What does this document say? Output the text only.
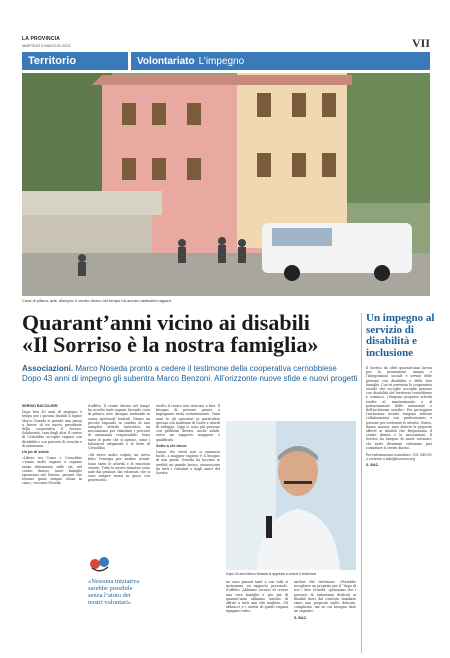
LA PROVINCIA
MARTEDÌ 3 MAGGIO 2021	VII
Territorio	Volontariato L’impegno
Corsi di pittura, arte, disegno: il centro diurno nel tempo ha accolto tantissimi ragazzi
Quarant’anni vicino ai disabili
«Il Sorriso è la nostra famiglia»
Un impegno al servizio di disabilità e inclusione
Associazioni. Marco Noseda pronto a cedere il testimone della cooperativa cernobbiese Dopo 43 anni di impegno gli subentra Marco Benzoni. All’orizzonte nuove sfide e nuovi progetti
SERGIO BACCILIERI
Dopo ben 43 anni di impegno e tempo per i giovani disabili il signor Marco Noseda si prende una pausa a favore di un nuovo presidente della cooperativa Il Sorriso. Solidarietà, cura degli altri, il centro di Cernobbio accoglie ragazzi con disabilità e con percorsi di crescita e di autonomia.
Un pò di storia
«Libero tra Como e Cernobbio c’erano molti ragazzi e ragazze senza riferimento nelle vie, nel centro diurno, tante famiglie speravano nel Sorriso, giovani che restano quasi sempre chiusi in casa», racconta Noseda.
d’affitto. Il centro diurno nel tempo ha accolto tanti ragazzi, facendo corsi di pittura, arte, disegno, mettendo in scena spettacoli teatrali. Diamo un piccolo rispondo in cambio di una semplice attività lavorativa, un meccanismo per stimolare i percorsi di autonomia responsabile. Sono tante le porte che si aprono, come i laboratori artigianali e le feste di Cernobbio.
«Mi avevo molto colpito, mi aveva fatto l’energia per andare avanti. Sono tante le attività e le emozioni vissute. Tutte le nostre iniziative sono nate dai genitori, dai volontari, che si sono sempre messi in gioco con generosità».
«Nessuna iniziativa sarebbe possibile senza l’aiuto dei nostri volontari»
rivolto il centro non riescono a fare. Il bisogno di persone pronte a impegnarsi resta costantemente. Tanti anni fa gli operatori in particolare giovani con sindrome di Down e ritardi di sviluppo. Oggi ci sono più persone con problemi diversi, anche adulti, serve un supporto maggiore e qualificato.
Sotto a chi tocca
L’anno che verrà non si annuncia facile, a maggior ragione è il bisogno di una guida. Noseda ha lasciato in eredità un grande lavoro, riconosciuto da tutti i volontari e dagli amici del Sorriso.
Dopo 43 anni Marco Noseda si appresta a cedere il testimone
ne sono passati tanti e con tutti si instaurano un rapporto personale, d’affetto. Abbiamo cercato di creare una vera famiglia e per più di quarant’anni abbiamo tentato di offrire a tutti una vita migliore. Gli abbracci e i sorrisi di questi ragazzi ripagano tutto».
tarlone dal testimone. «Potrebbe accogliere un progetto per il “dopo di noi”» dice Noseda: «pensiamo che i percorsi di autonomia dedicati ai disabili fuori dal contesto familiare siano una proposta molto delicata, complicata, ma su cui bisogna dare un segnale».
S. BAC.
Il Sorriso da oltre quarant’anni lavora per la promozione umana e l’integrazione sociale e servizi delle persone con disabilità e delle loro famiglie. Con sé presenta la cooperativa sociale che accoglie accoglie persone con disabilità del territorio cernobbiese e comasco. «Vengono proposte attività rivolte al mantenimento e al potenziamento delle autonomie e dell’inclusione sociale». Per proteggere l’inclusione sociale vengono attivate collaborazioni con professionisti e persone per sostenere le attività. Teatro, danza, musica, sono diverse le proposte offerte ai disabili che frequentano il centro diurno e le associazioni. Il Sorriso ha bisogno di nuovi volontari: chi vuole diventare volontario può contattare il centro diurno.
Per informazioni contattare: 031-341091 o scrivere a info@ilsorriso.org
S. BAC.
